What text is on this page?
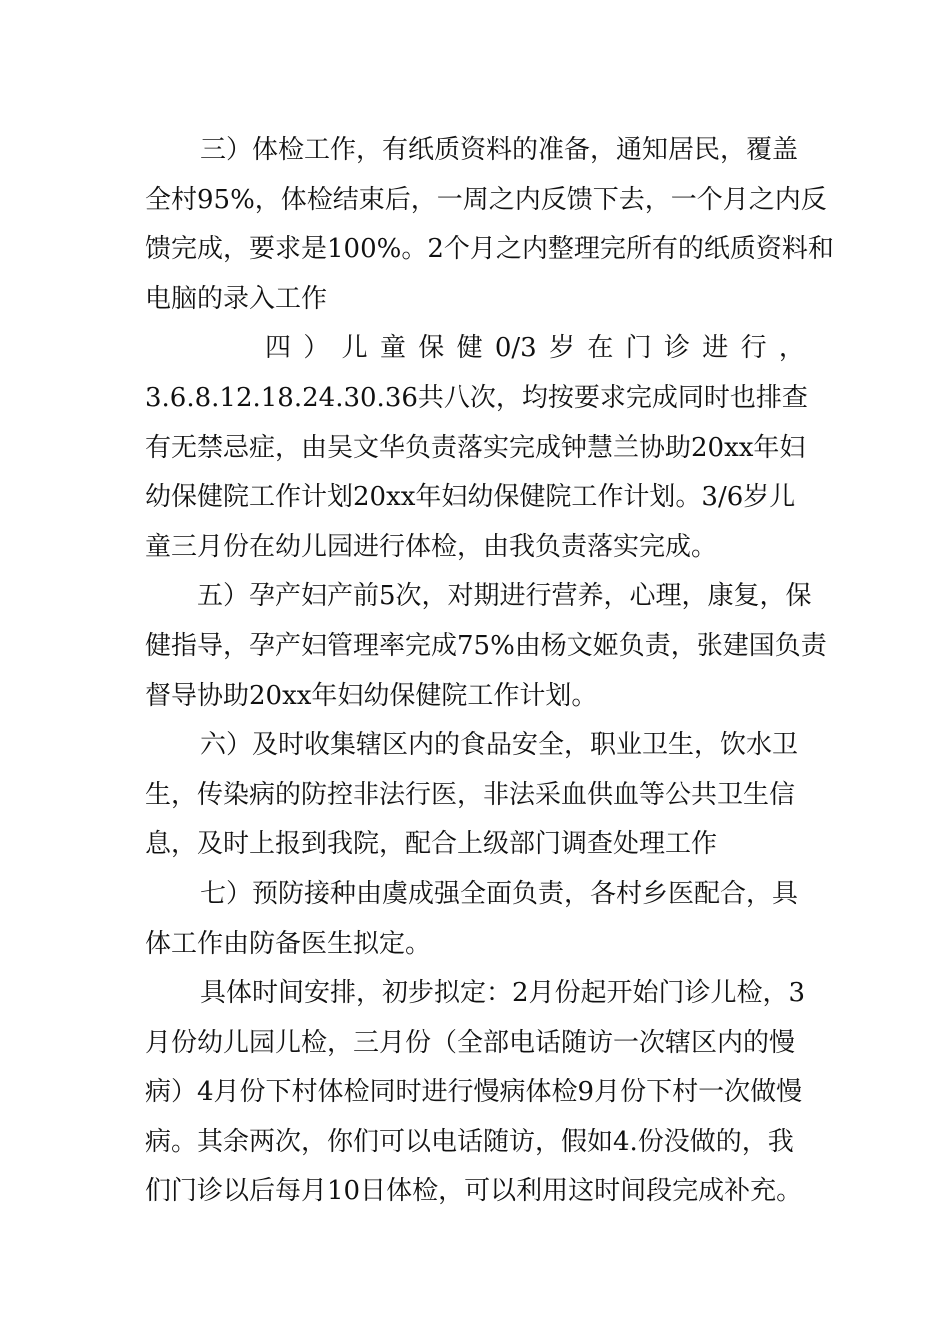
三）体检工作，有纸质资料的准备，通知居民，覆盖
全村95%，体检结束后，一周之内反馈下去，一个月之内反
馈完成，要求是100%。2个月之内整理完所有的纸质资料和
电脑的录入工作

四 ） 儿 童 保 健 0/3 岁 在 门 诊 进 行 ，
3.6.8.12.18.24.30.36共八次，均按要求完成同时也排查
有无禁忌症，由吴文华负责落实完成钟慧兰协助20xx年妇
幼保健院工作计划20xx年妇幼保健院工作计划。3/6岁儿
童三月份在幼儿园进行体检，由我负责落实完成。

五）孕产妇产前5次，对期进行营养，心理，康复，保
健指导，孕产妇管理率完成75%由杨文姬负责，张建国负责
督导协助20xx年妇幼保健院工作计划。

六）及时收集辖区内的食品安全，职业卫生，饮水卫
生，传染病的防控非法行医，非法采血供血等公共卫生信
息，及时上报到我院，配合上级部门调查处理工作

七）预防接种由虞成强全面负责，各村乡医配合，具
体工作由防备医生拟定。

具体时间安排，初步拟定：2月份起开始门诊儿检，3
月份幼儿园儿检，三月份（全部电话随访一次辖区内的慢
病）4月份下村体检同时进行慢病体检9月份下村一次做慢
病。其余两次，你们可以电话随访，假如4.份没做的，我
们门诊以后每月10日体检，可以利用这时间段完成补充。
